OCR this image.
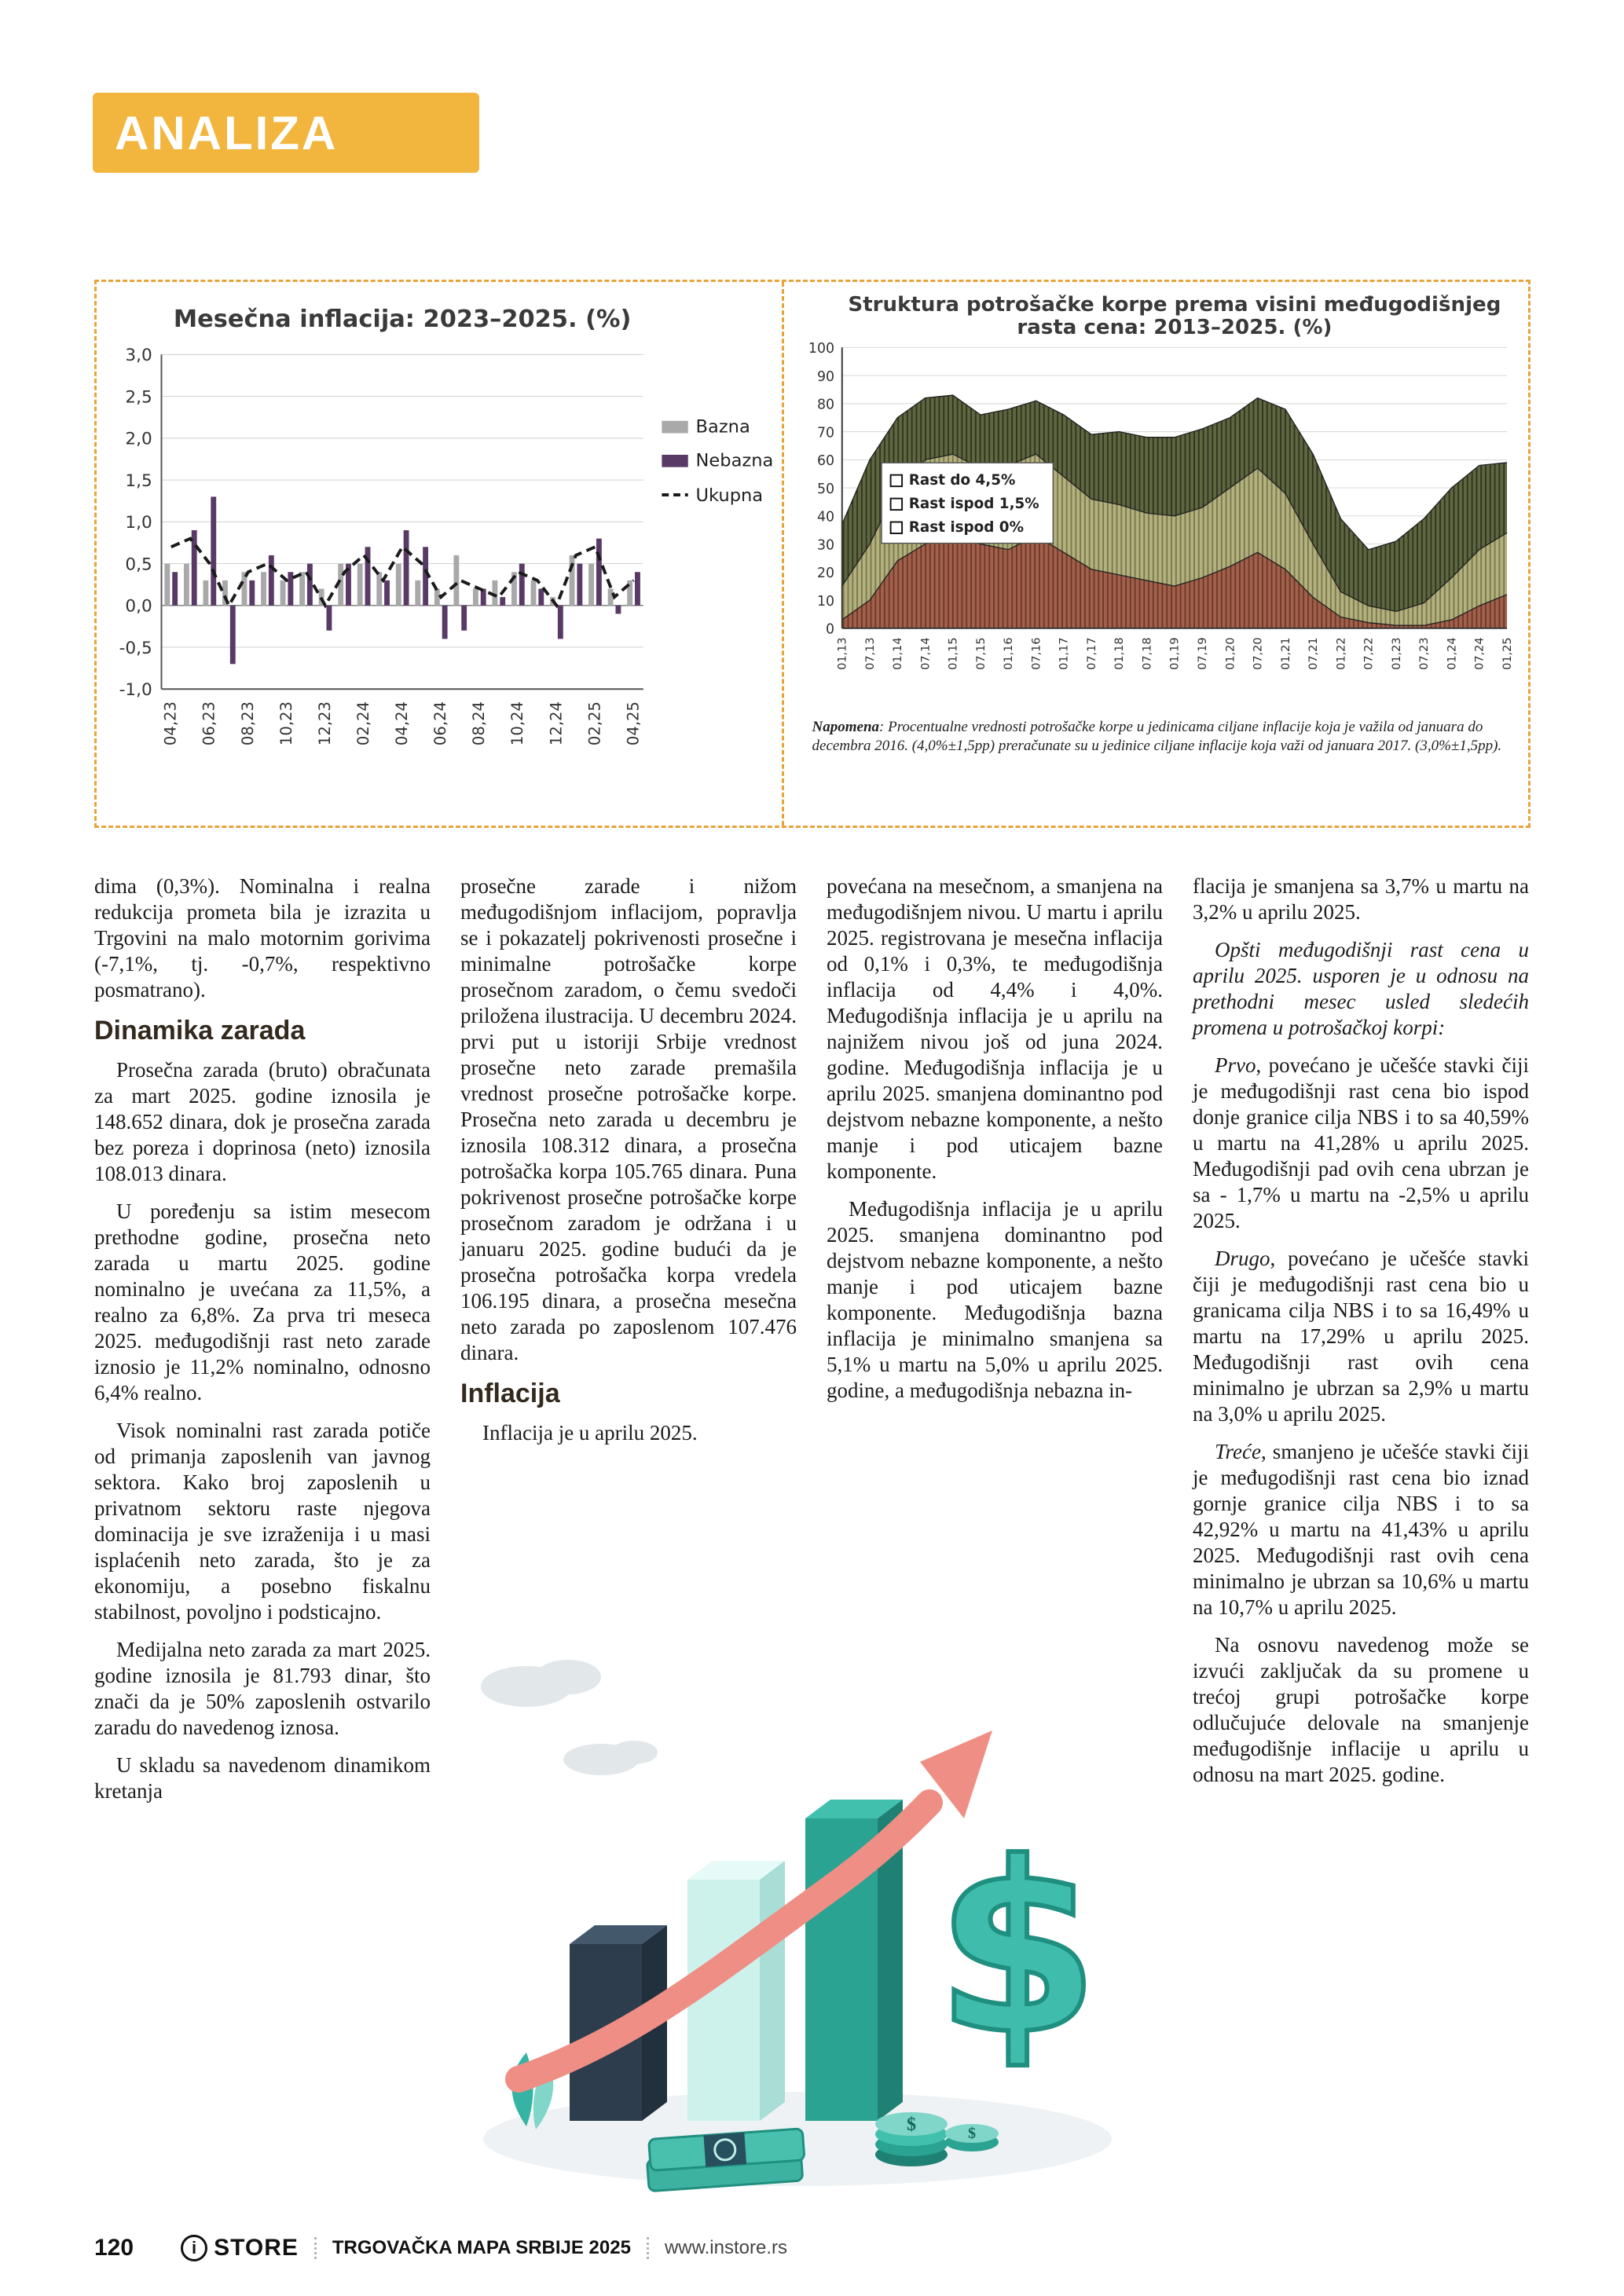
ANALIZA
-1,0
-0,5
0,0
0,5
1,0
1,5
2,0
2,5
3,0
04,23 06,23 08,23 10,23 12,23 02,24 04,24 06,24 08,24 10,24 12,24 02,25 04,25
Mesečna inflacija: 2023–2025. (%)
Bazna
Nebazna
Ukupna
0
10
20
30
40
50
60
70
80
90
100
01,13 07,13 01,14 07,14 01,15 07,15 01,16 07,16 01,17 07,17 01,18 07,18 01,19 07,19 01,20 07,20 01,21 07,21 01,22 07,22 01,23 07,23 01,24 07,24 01,25
Struktura potrošačke korpe prema visini međugodišnjeg
rasta cena: 2013–2025. (%)
Rast do 4,5%
Rast ispod 1,5%
Rast ispod 0%
Napomena: Procentualne vrednosti potrošačke korpe u jedinicama ciljane inflacije koja je važila od januara do decembra 2016. (4,0%±1,5pp) preračunate su u jedinice ciljane inflacije koja važi od januara 2017. (3,0%±1,5pp).

dima (0,3%). Nominalna i realna redukcija prometa bila je izrazita u Trgovini na malo motornim gorivima (-7,1%, tj. -0,7%, respektivno posmatrano).

Dinamika zarada

Prosečna zarada (bruto) obračunata za mart 2025. godine iznosila je 148.652 dinara, dok je prosečna zarada bez poreza i doprinosa (neto) iznosila 108.013 dinara.

U poređenju sa istim mesecom prethodne godine, prosečna neto zarada u martu 2025. godine nominalno je uvećana za 11,5%, a realno za 6,8%. Za prva tri meseca 2025. međugodišnji rast neto zarade iznosio je 11,2% nominalno, odnosno 6,4% realno.

Visok nominalni rast zarada potiče od primanja zaposlenih van javnog sektora. Kako broj zaposlenih u privatnom sektoru raste njegova dominacija je sve izraženija i u masi isplaćenih neto zarada, što je za ekonomiju, a posebno fiskalnu stabilnost, povoljno i podsticajno.

Medijalna neto zarada za mart 2025. godine iznosila je 81.793 dinar, što znači da je 50% zaposlenih ostvarilo zaradu do navedenog iznosa.

U skladu sa navedenom dinamikom kretanja

prosečne zarade i nižom međugodišnjom inflacijom, popravlja se i pokazatelj pokrivenosti prosečne i minimalne potrošačke korpe prosečnom zaradom, o čemu svedoči priložena ilustracija. U decembru 2024. prvi put u istoriji Srbije vrednost prosečne neto zarade premašila vrednost prosečne potrošačke korpe. Prosečna neto zarada u decembru je iznosila 108.312 dinara, a prosečna potrošačka korpa 105.765 dinara. Puna pokrivenost prosečne potrošačke korpe prosečnom zaradom je održana i u januaru 2025. godine budući da je prosečna potrošačka korpa vredela 106.195 dinara, a prosečna mesečna neto zarada po zaposlenom 107.476 dinara.

Inflacija

Inflacija je u aprilu 2025.

povećana na mesečnom, a smanjena na međugodišnjem nivou. U martu i aprilu 2025. registrovana je mesečna inflacija od 0,1% i 0,3%, te međugodišnja inflacija od 4,4% i 4,0%. Međugodišnja inflacija je u aprilu na najnižem nivou još od juna 2024. godine. Međugodišnja inflacija je u aprilu 2025. smanjena dominantno pod dejstvom nebazne komponente, a nešto manje i pod uticajem bazne komponente.

Međugodišnja inflacija je u aprilu 2025. smanjena dominantno pod dejstvom nebazne komponente, a nešto manje i pod uticajem bazne komponente. Međugodišnja bazna inflacija je minimalno smanjena sa 5,1% u martu na 5,0% u aprilu 2025. godine, a međugodišnja nebazna in-

flacija je smanjena sa 3,7% u martu na 3,2% u aprilu 2025.

Opšti međugodišnji rast cena u aprilu 2025. usporen je u odnosu na prethodni mesec usled sledećih promena u potrošačkoj korpi:

Prvo, povećano je učešće stavki čiji je međugodišnji rast cena bio ispod donje granice cilja NBS i to sa 40,59% u martu na 41,28% u aprilu 2025. Međugodišnji pad ovih cena ubrzan je sa - 1,7% u martu na -2,5% u aprilu 2025.

Drugo, povećano je učešće stavki čiji je međugodišnji rast cena bio u granicama cilja NBS i to sa 16,49% u martu na 17,29% u aprilu 2025. Međugodišnji rast ovih cena minimalno je ubrzan sa 2,9% u martu na 3,0% u aprilu 2025.

Treće, smanjeno je učešće stavki čiji je međugodišnji rast cena bio iznad gornje granice cilja NBS i to sa 42,92% u martu na 41,43% u aprilu 2025. Međugodišnji rast ovih cena minimalno je ubrzan sa 10,6% u martu na 10,7% u aprilu 2025.

Na osnovu navedenog može se izvući zaključak da su promene u trećoj grupi potrošačke korpe odlučujuće delovale na smanjenje međugodišnje inflacije u aprilu u odnosu na mart 2025. godine.

$
$	$
120	i STORE TRGOVAČKA MAPA SRBIJE 2025 www.instore.rs
